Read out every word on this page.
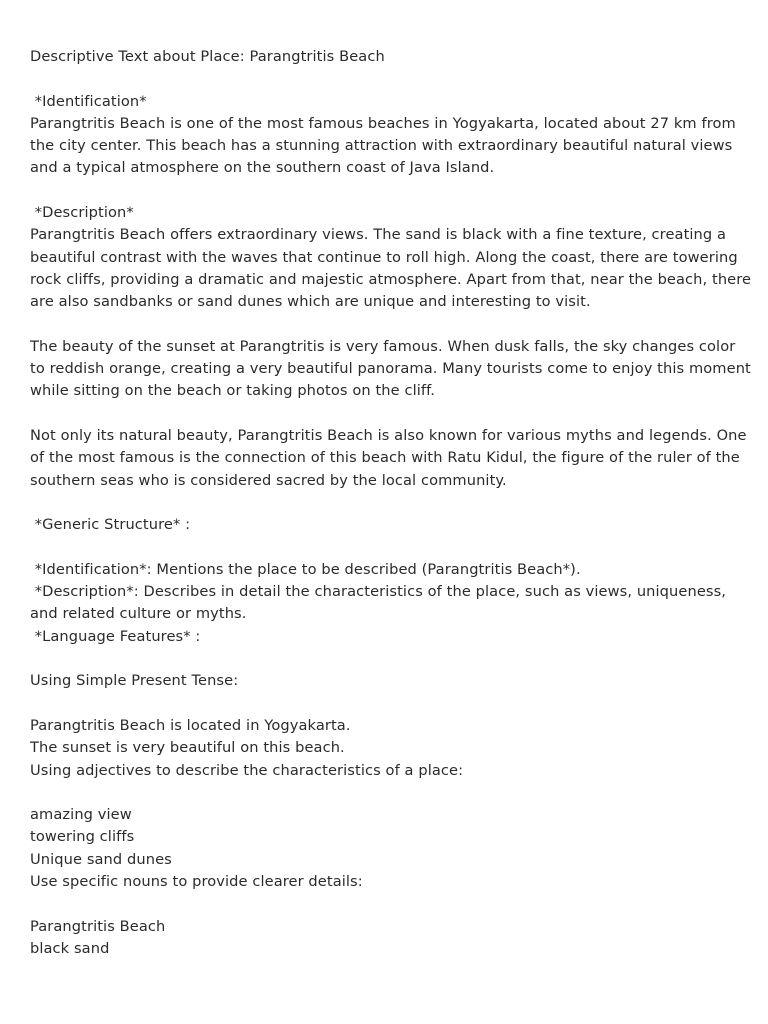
Descriptive Text about Place: Parangtritis Beach
*Identification*
Parangtritis Beach is one of the most famous beaches in Yogyakarta, located about 27 km from
the city center. This beach has a stunning attraction with extraordinary beautiful natural views
and a typical atmosphere on the southern coast of Java Island.
*Description*
Parangtritis Beach offers extraordinary views. The sand is black with a fine texture, creating a
beautiful contrast with the waves that continue to roll high. Along the coast, there are towering
rock cliffs, providing a dramatic and majestic atmosphere. Apart from that, near the beach, there
are also sandbanks or sand dunes which are unique and interesting to visit.
The beauty of the sunset at Parangtritis is very famous. When dusk falls, the sky changes color
to reddish orange, creating a very beautiful panorama. Many tourists come to enjoy this moment
while sitting on the beach or taking photos on the cliff.
Not only its natural beauty, Parangtritis Beach is also known for various myths and legends. One
of the most famous is the connection of this beach with Ratu Kidul, the figure of the ruler of the
southern seas who is considered sacred by the local community.
*Generic Structure* :
*Identification*: Mentions the place to be described (Parangtritis Beach*).
*Description*: Describes in detail the characteristics of the place, such as views, uniqueness,
and related culture or myths.
*Language Features* :
Using Simple Present Tense:
Parangtritis Beach is located in Yogyakarta.
The sunset is very beautiful on this beach.
Using adjectives to describe the characteristics of a place:
amazing view
towering cliffs
Unique sand dunes
Use specific nouns to provide clearer details:
Parangtritis Beach
black sand
